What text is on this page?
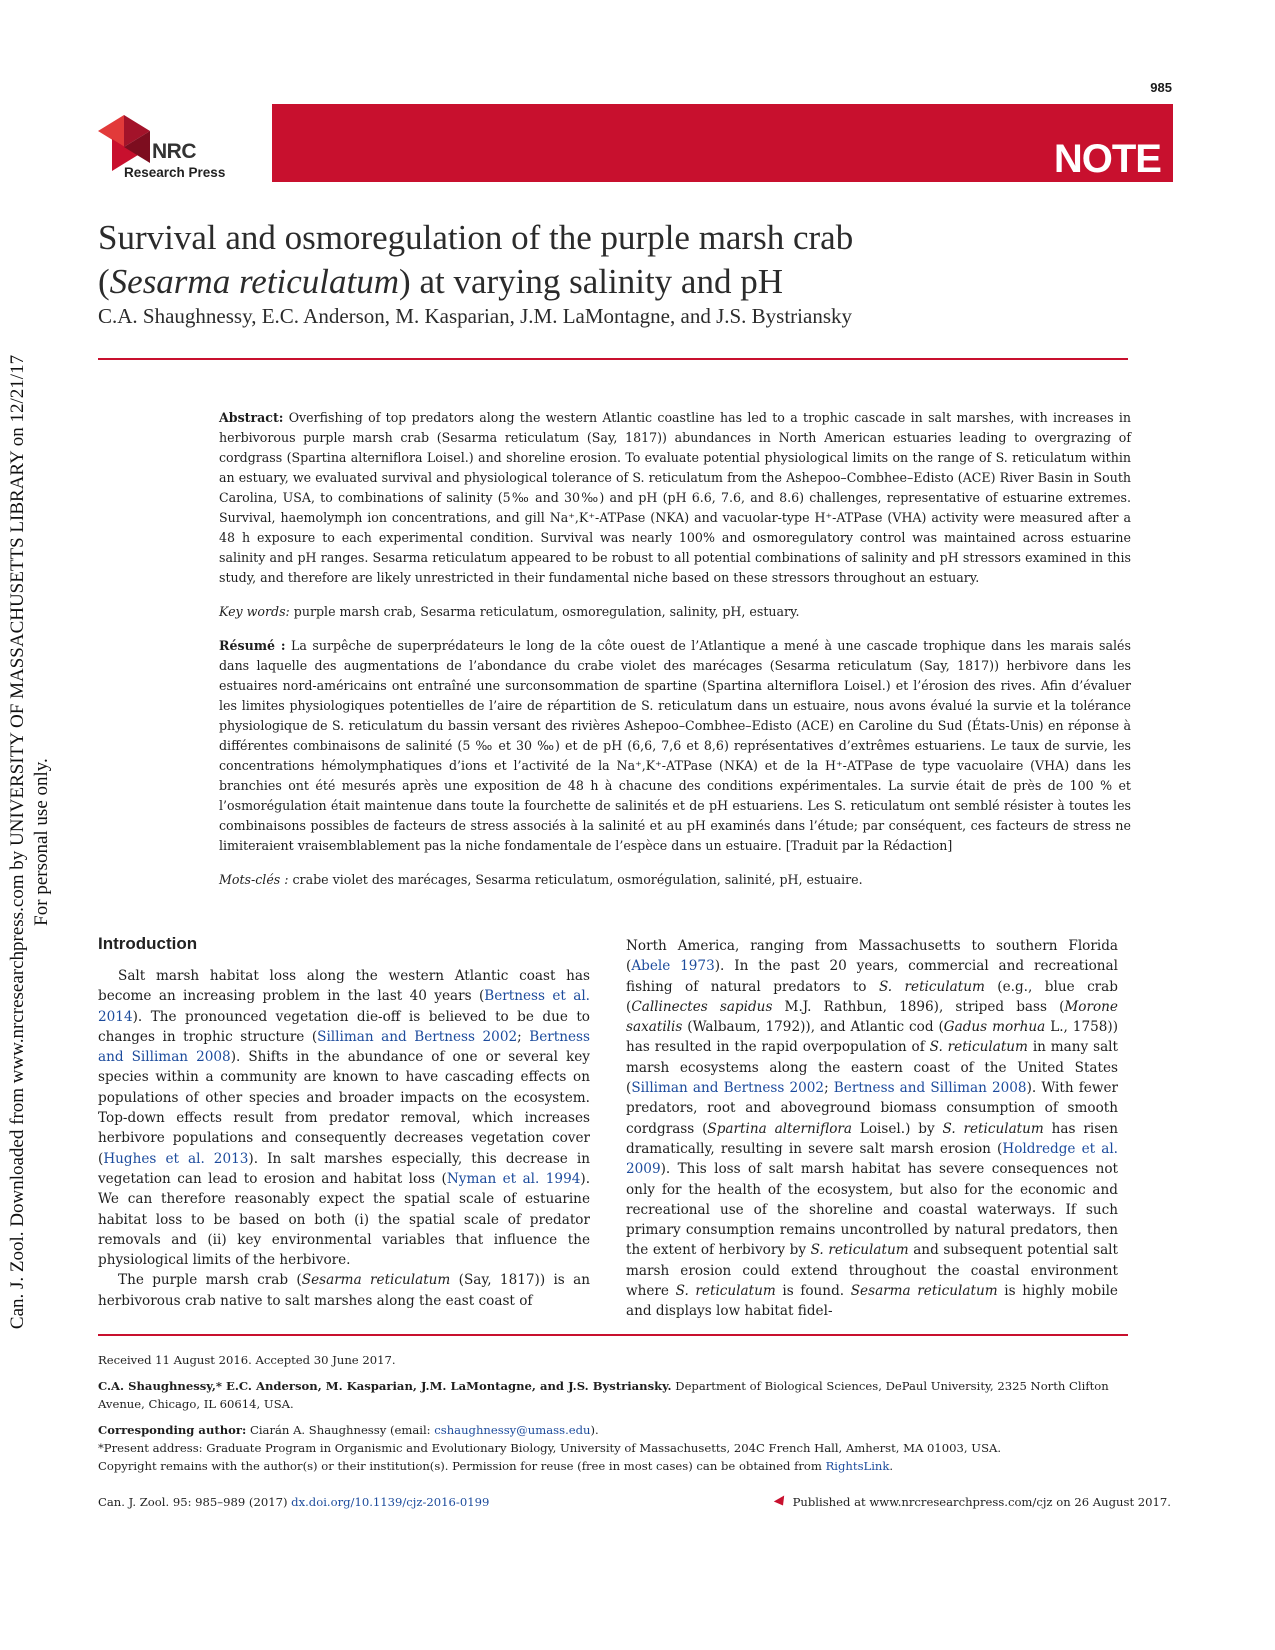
Can. J. Zool. Downloaded from www.nrcresearchpress.com by UNIVERSITY OF MASSACHUSETTS LIBRARY on 12/21/17 For personal use only.
985
NRC
Research Press	NOTE
Survival and osmoregulation of the purple marsh crab
(Sesarma reticulatum) at varying salinity and pH
C.A. Shaughnessy, E.C. Anderson, M. Kasparian, J.M. LaMontagne, and J.S. Bystriansky

Abstract: Overfishing of top predators along the western Atlantic coastline has led to a trophic cascade in salt marshes, with increases in herbivorous purple marsh crab (Sesarma reticulatum (Say, 1817)) abundances in North American estuaries leading to overgrazing of cordgrass (Spartina alterniflora Loisel.) and shoreline erosion. To evaluate potential physiological limits on the range of S. reticulatum within an estuary, we evaluated survival and physiological tolerance of S. reticulatum from the Ashepoo–Combhee–Edisto (ACE) River Basin in South Carolina, USA, to combinations of salinity (5‰ and 30‰) and pH (pH 6.6, 7.6, and 8.6) challenges, representative of estuarine extremes. Survival, haemolymph ion concentrations, and gill Na⁺,K⁺-ATPase (NKA) and vacuolar-type H⁺-ATPase (VHA) activity were measured after a 48 h exposure to each experimental condition. Survival was nearly 100% and osmoregulatory control was maintained across estuarine salinity and pH ranges. Sesarma reticulatum appeared to be robust to all potential combinations of salinity and pH stressors examined in this study, and therefore are likely unrestricted in their fundamental niche based on these stressors throughout an estuary.

Key words: purple marsh crab, Sesarma reticulatum, osmoregulation, salinity, pH, estuary.

Résumé : La surpêche de superprédateurs le long de la côte ouest de l’Atlantique a mené à une cascade trophique dans les marais salés dans laquelle des augmentations de l’abondance du crabe violet des marécages (Sesarma reticulatum (Say, 1817)) herbivore dans les estuaires nord-américains ont entraîné une surconsommation de spartine (Spartina alterniflora Loisel.) et l’érosion des rives. Afin d’évaluer les limites physiologiques potentielles de l’aire de répartition de S. reticulatum dans un estuaire, nous avons évalué la survie et la tolérance physiologique de S. reticulatum du bassin versant des rivières Ashepoo–Combhee–Edisto (ACE) en Caroline du Sud (États-Unis) en réponse à différentes combinaisons de salinité (5 ‰ et 30 ‰) et de pH (6,6, 7,6 et 8,6) représentatives d’extrêmes estuariens. Le taux de survie, les concentrations hémolymphatiques d’ions et l’activité de la Na⁺,K⁺-ATPase (NKA) et de la H⁺-ATPase de type vacuolaire (VHA) dans les branchies ont été mesurés après une exposition de 48 h à chacune des conditions expérimentales. La survie était de près de 100 % et l’osmorégulation était maintenue dans toute la fourchette de salinités et de pH estuariens. Les S. reticulatum ont semblé résister à toutes les combinaisons possibles de facteurs de stress associés à la salinité et au pH examinés dans l’étude; par conséquent, ces facteurs de stress ne limiteraient vraisemblablement pas la niche fondamentale de l’espèce dans un estuaire. [Traduit par la Rédaction]

Mots-clés : crabe violet des marécages, Sesarma reticulatum, osmorégulation, salinité, pH, estuaire.

Introduction

Salt marsh habitat loss along the western Atlantic coast has become an increasing problem in the last 40 years (Bertness et al. 2014). The pronounced vegetation die-off is believed to be due to changes in trophic structure (Silliman and Bertness 2002; Bertness and Silliman 2008). Shifts in the abundance of one or several key species within a community are known to have cascading effects on populations of other species and broader impacts on the ecosystem. Top-down effects result from predator removal, which increases herbivore populations and consequently decreases vegetation cover (Hughes et al. 2013). In salt marshes especially, this decrease in vegetation can lead to erosion and habitat loss (Nyman et al. 1994). We can therefore reasonably expect the spatial scale of estuarine habitat loss to be based on both (i) the spatial scale of predator removals and (ii) key environmental variables that influence the physiological limits of the herbivore.

The purple marsh crab (Sesarma reticulatum (Say, 1817)) is an herbivorous crab native to salt marshes along the east coast of

North America, ranging from Massachusetts to southern Florida (Abele 1973). In the past 20 years, commercial and recreational fishing of natural predators to S. reticulatum (e.g., blue crab (Callinectes sapidus M.J. Rathbun, 1896), striped bass (Morone saxatilis (Walbaum, 1792)), and Atlantic cod (Gadus morhua L., 1758)) has resulted in the rapid overpopulation of S. reticulatum in many salt marsh ecosystems along the eastern coast of the United States (Silliman and Bertness 2002; Bertness and Silliman 2008). With fewer predators, root and aboveground biomass consumption of smooth cordgrass (Spartina alterniflora Loisel.) by S. reticulatum has risen dramatically, resulting in severe salt marsh erosion (Holdredge et al. 2009). This loss of salt marsh habitat has severe consequences not only for the health of the ecosystem, but also for the economic and recreational use of the shoreline and coastal waterways. If such primary consumption remains uncontrolled by natural predators, then the extent of herbivory by S. reticulatum and subsequent potential salt marsh erosion could extend throughout the coastal environment where S. reticulatum is found. Sesarma reticulatum is highly mobile and displays low habitat fidel-

Received 11 August 2016. Accepted 30 June 2017.

C.A. Shaughnessy,* E.C. Anderson, M. Kasparian, J.M. LaMontagne, and J.S. Bystriansky. Department of Biological Sciences, DePaul University, 2325 North Clifton Avenue, Chicago, IL 60614, USA.

Corresponding author: Ciarán A. Shaughnessy (email: cshaughnessy@umass.edu).

*Present address: Graduate Program in Organismic and Evolutionary Biology, University of Massachusetts, 204C French Hall, Amherst, MA 01003, USA.

Copyright remains with the author(s) or their institution(s). Permission for reuse (free in most cases) can be obtained from RightsLink.

Can. J. Zool. 95: 985–989 (2017) dx.doi.org/10.1139/cjz-2016-0199	Published at www.nrcresearchpress.com/cjz on 26 August 2017.
